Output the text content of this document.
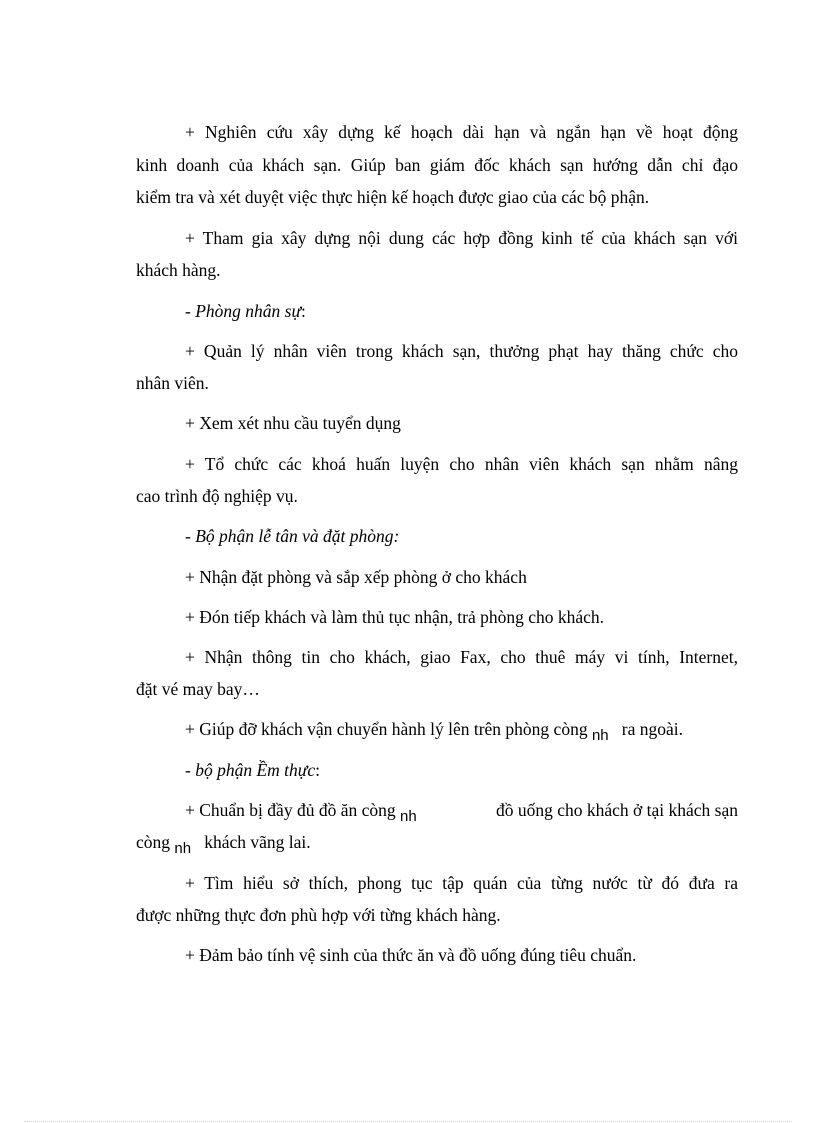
+ Nghiên cứu xây dựng kế hoạch dài hạn và ngắn hạn về hoạt động
kinh doanh của khách sạn. Giúp ban giám đốc khách sạn hướng dẫn chỉ đạo
kiểm tra và xét duyệt việc thực hiện kế hoạch được giao của các bộ phận.
+ Tham gia xây dựng nội dung các hợp đồng kinh tế của khách sạn với
khách hàng.
- Phòng nhân sự:
+ Quản lý nhân viên trong khách sạn, thưởng phạt hay thăng chức cho
nhân viên.
+ Xem xét nhu cầu tuyển dụng
+ Tổ chức các khoá huấn luyện cho nhân viên khách sạn nhằm nâng
cao trình độ nghiệp vụ.
- Bộ phận lễ tân và đặt phòng:
+ Nhận đặt phòng và sắp xếp phòng ở cho khách
+ Đón tiếp khách và làm thủ tục nhận, trả phòng cho khách.
+ Nhận thông tin cho khách, giao Fax, cho thuê máy vi tính, Internet,
đặt vé may bay…
+ Giúp đỡ khách vận chuyển hành lý lên trên phòng còng nh ra ngoài.
- bộ phận Ềm thực:
+ Chuẩn bị đầy đủ đồ ăn còng nh	đồ uống cho khách ở tại khách sạn
còng nh khách vãng lai.
+ Tìm hiểu sở thích, phong tục tập quán của từng nước từ đó đưa ra
được những thực đơn phù hợp với từng khách hàng.
+ Đảm bảo tính vệ sinh của thức ăn và đồ uống đúng tiêu chuẩn.
